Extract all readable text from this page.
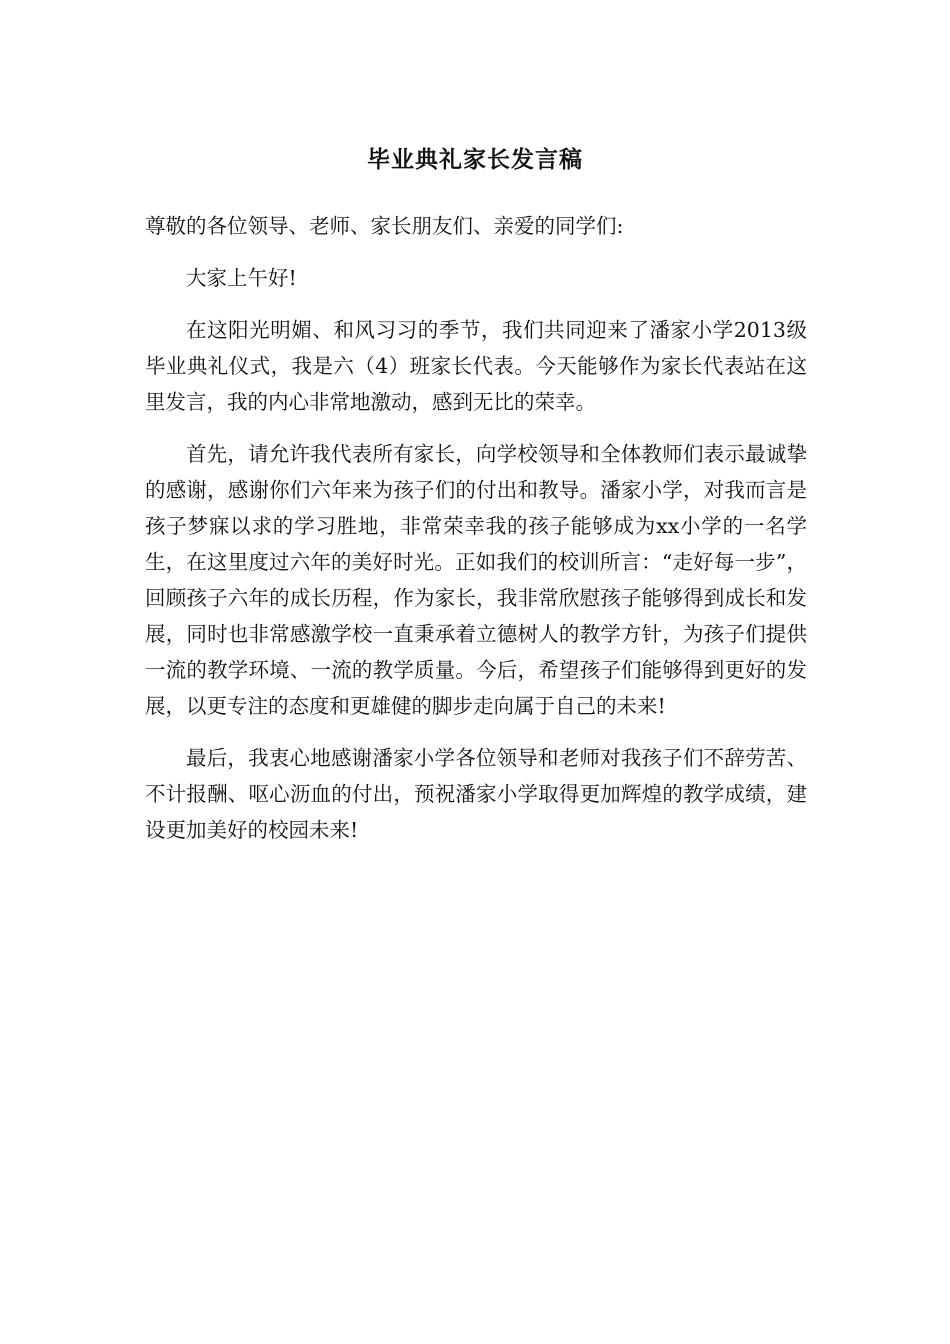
毕业典礼家长发言稿

尊敬的各位领导、老师、家长朋友们、亲爱的同学们:

大家上午好!

在这阳光明媚、和风习习的季节，我们共同迎来了潘家小学2013级毕业典礼仪式，我是六（4）班家长代表。今天能够作为家长代表站在这里发言，我的内心非常地激动，感到无比的荣幸。

首先，请允许我代表所有家长，向学校领导和全体教师们表示最诚挚的感谢，感谢你们六年来为孩子们的付出和教导。潘家小学，对我而言是孩子梦寐以求的学习胜地，非常荣幸我的孩子能够成为xx小学的一名学生，在这里度过六年的美好时光。正如我们的校训所言：“走好每一步”，回顾孩子六年的成长历程，作为家长，我非常欣慰孩子能够得到成长和发展，同时也非常感激学校一直秉承着立德树人的教学方针，为孩子们提供一流的教学环境、一流的教学质量。今后，希望孩子们能够得到更好的发展，以更专注的态度和更雄健的脚步走向属于自己的未来!

最后，我衷心地感谢潘家小学各位领导和老师对我孩子们不辞劳苦、不计报酬、呕心沥血的付出，预祝潘家小学取得更加辉煌的教学成绩，建设更加美好的校园未来!
